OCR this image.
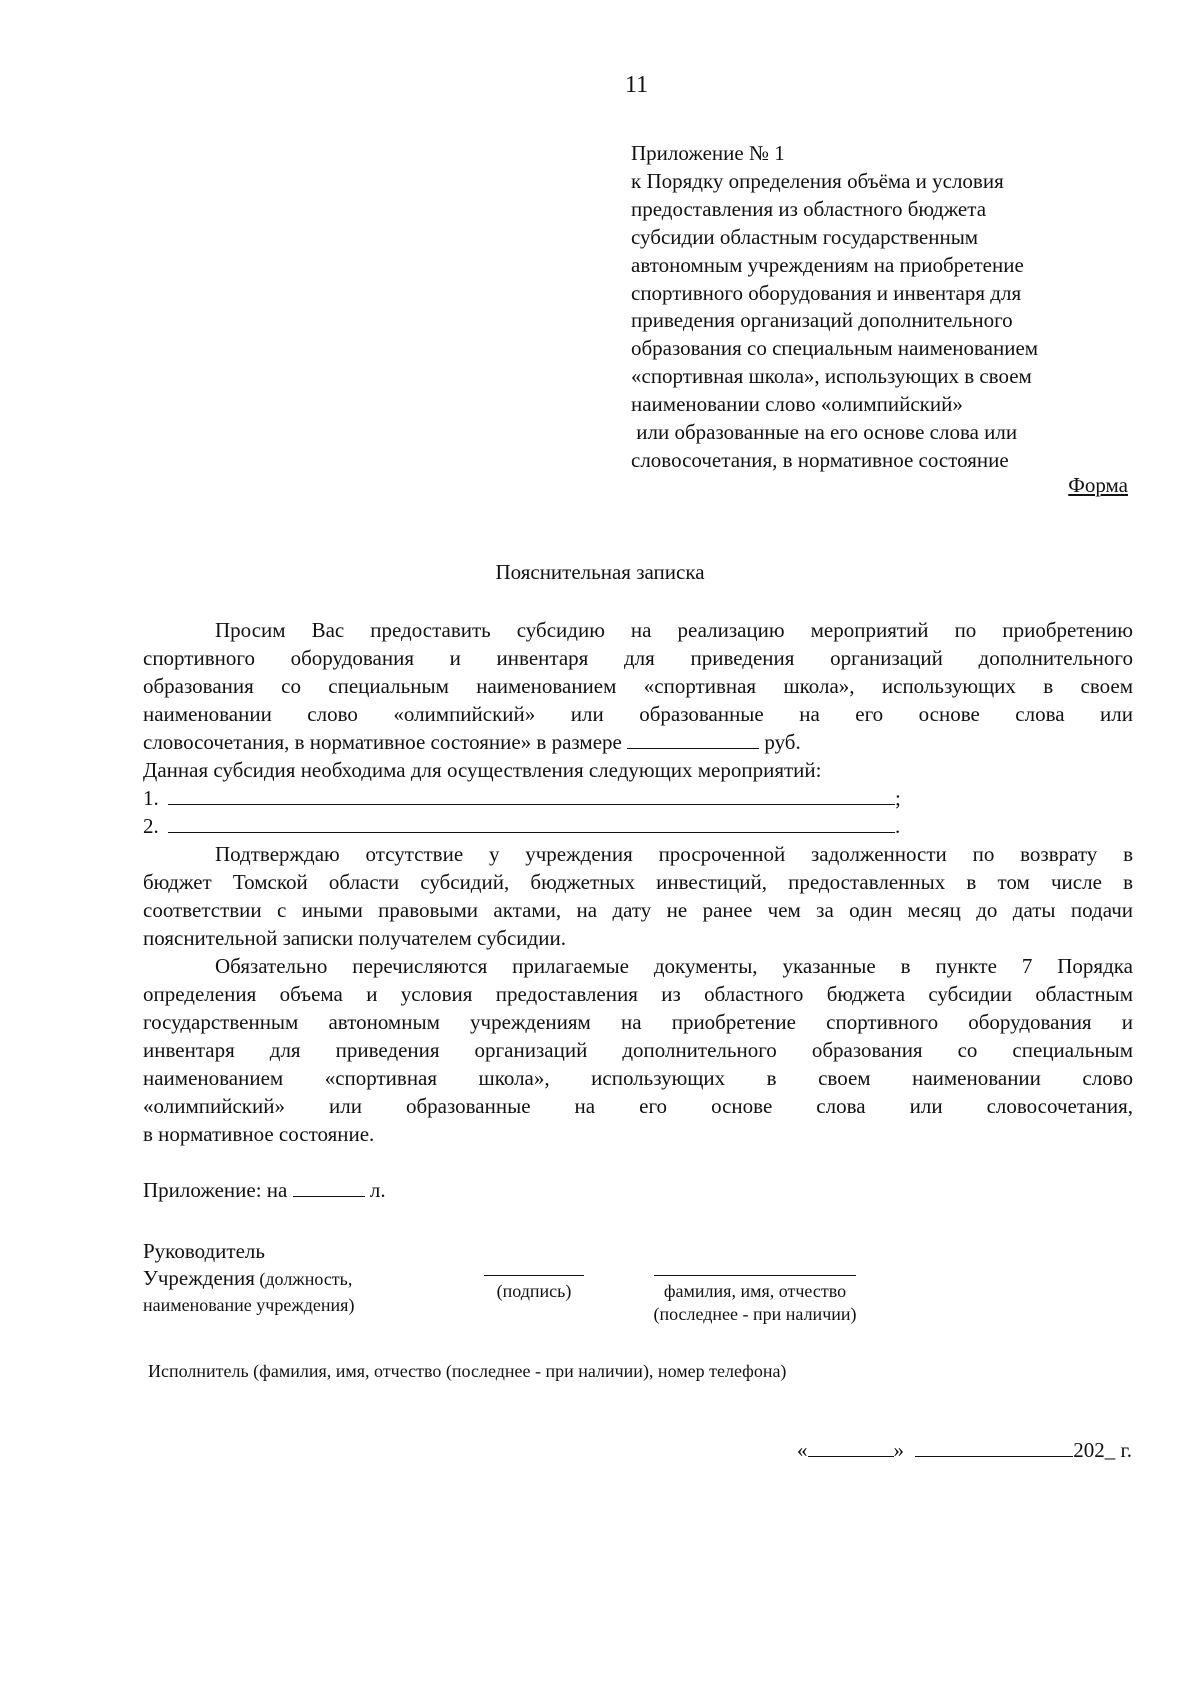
11
Приложение № 1
к Порядку определения объёма и условия
предоставления из областного бюджета
субсидии областным государственным
автономным учреждениям на приобретение
спортивного оборудования и инвентаря для
приведения организаций дополнительного
образования со специальным наименованием
«спортивная школа», использующих в своем
наименовании слово «олимпийский»
или образованные на его основе слова или
словосочетания, в нормативное состояние
Форма
Пояснительная записка
Просим Вас предоставить субсидию на реализацию мероприятий по приобретению
спортивного оборудования и инвентаря для приведения организаций дополнительного
образования со специальным наименованием «спортивная школа», использующих в своем
наименовании слово «олимпийский» или образованные на его основе слова или
словосочетания, в нормативное состояние» в размере	руб.
Данная субсидия необходима для осуществления следующих мероприятий:
1.	;
2.	.
Подтверждаю отсутствие у учреждения просроченной задолженности по возврату в
бюджет Томской области субсидий, бюджетных инвестиций, предоставленных в том числе в
соответствии с иными правовыми актами, на дату не ранее чем за один месяц до даты подачи
пояснительной записки получателем субсидии.
Обязательно перечисляются прилагаемые документы, указанные в пункте 7 Порядка
определения объема и условия предоставления из областного бюджета субсидии областным
государственным автономным учреждениям на приобретение спортивного оборудования и
инвентаря для приведения организаций дополнительного образования со специальным
наименованием «спортивная школа», использующих в своем наименовании слово
«олимпийский» или образованные на его основе слова или словосочетания,
в нормативное состояние.
Приложение: на	л.
Руководитель
Учреждения (должность,
наименование учреждения)
(подпись)	фамилия, имя, отчество
(последнее - при наличии)
Исполнитель (фамилия, имя, отчество (последнее - при наличии), номер телефона)
«	»	202_ г.
